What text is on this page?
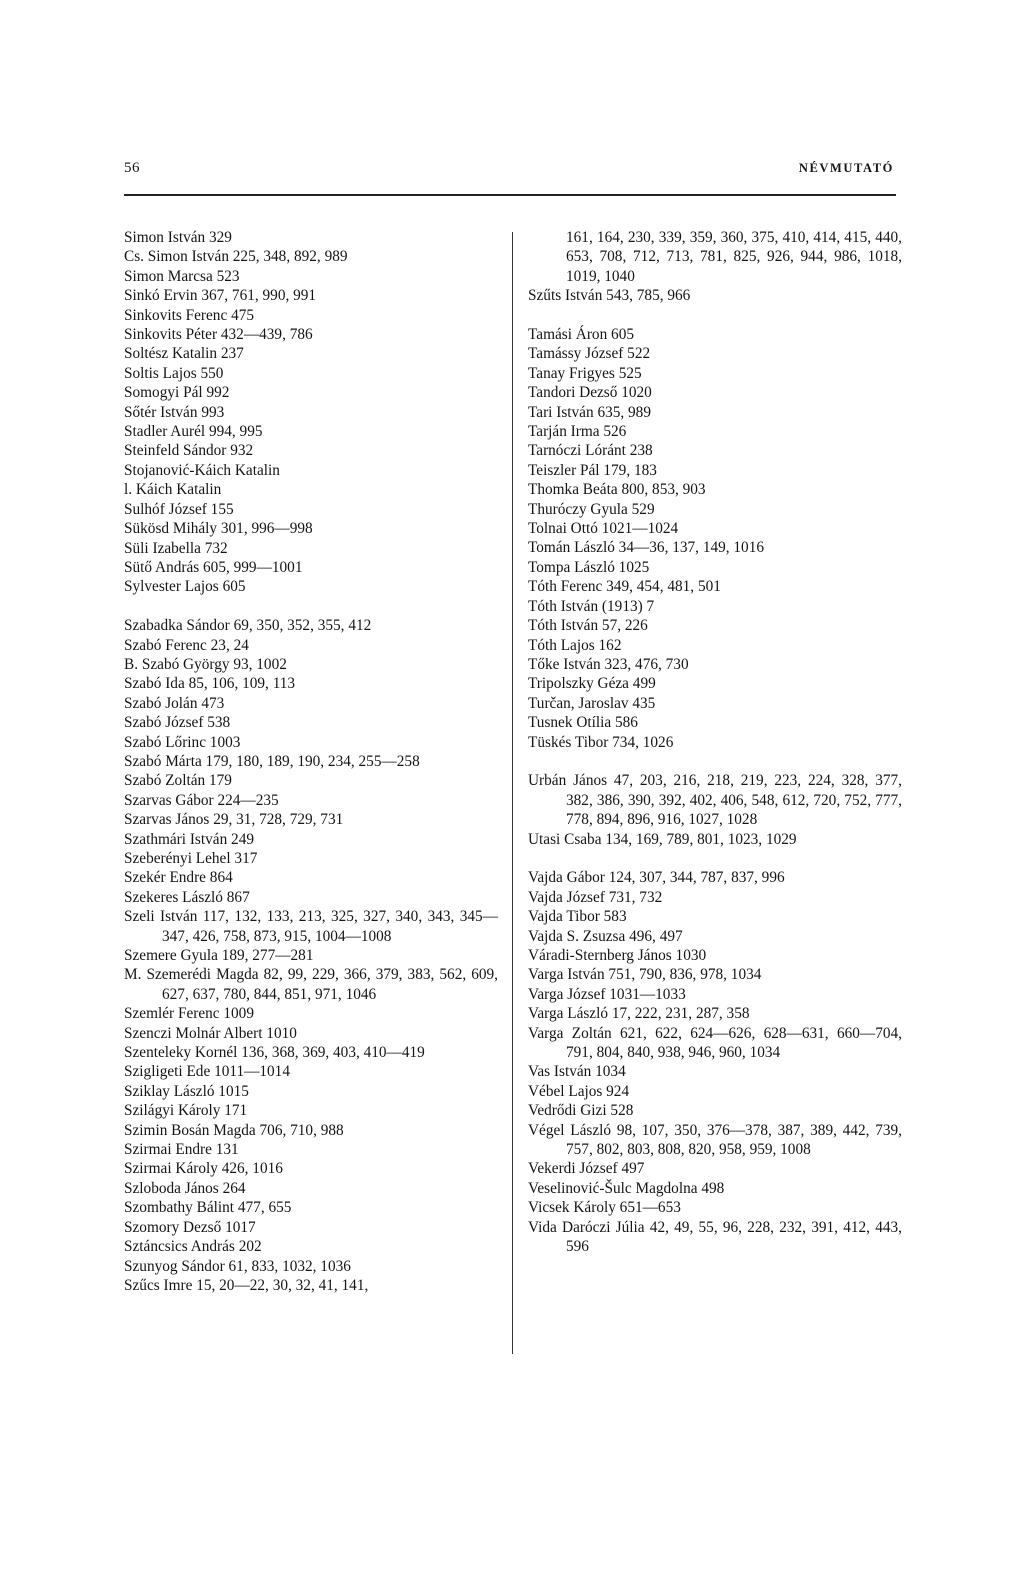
56	NÉVMUTATÓ
Simon István 329
Cs. Simon István 225, 348, 892, 989
Simon Marcsa 523
Sinkó Ervin 367, 761, 990, 991
Sinkovits Ferenc 475
Sinkovits Péter 432—439, 786
Soltész Katalin 237
Soltis Lajos 550
Somogyi Pál 992
Sőtér István 993
Stadler Aurél 994, 995
Steinfeld Sándor 932
Stojanović-Káich Katalin
l. Káich Katalin
Sulhóf József 155
Sükösd Mihály 301, 996—998
Süli Izabella 732
Sütő András 605, 999—1001
Sylvester Lajos 605
Szabadka Sándor 69, 350, 352, 355, 412
Szabó Ferenc 23, 24
B. Szabó György 93, 1002
Szabó Ida 85, 106, 109, 113
Szabó Jolán 473
Szabó József 538
Szabó Lőrinc 1003
Szabó Márta 179, 180, 189, 190, 234, 255—258
Szabó Zoltán 179
Szarvas Gábor 224—235
Szarvas János 29, 31, 728, 729, 731
Szathmári István 249
Szeberényi Lehel 317
Szekér Endre 864
Szekeres László 867
Szeli István 117, 132, 133, 213, 325, 327, 340, 343, 345—347, 426, 758, 873, 915, 1004—1008
Szemere Gyula 189, 277—281
M. Szemerédi Magda 82, 99, 229, 366, 379, 383, 562, 609, 627, 637, 780, 844, 851, 971, 1046
Szemlér Ferenc 1009
Szenczi Molnár Albert 1010
Szenteleky Kornél 136, 368, 369, 403, 410—419
Szigligeti Ede 1011—1014
Sziklay László 1015
Szilágyi Károly 171
Szimin Bosán Magda 706, 710, 988
Szirmai Endre 131
Szirmai Károly 426, 1016
Szloboda János 264
Szombathy Bálint 477, 655
Szomory Dezső 1017
Sztáncsics András 202
Szunyog Sándor 61, 833, 1032, 1036
Szűcs Imre 15, 20—22, 30, 32, 41, 141,
161, 164, 230, 339, 359, 360, 375, 410, 414, 415, 440, 653, 708, 712, 713, 781, 825, 926, 944, 986, 1018, 1019, 1040
Szűts István 543, 785, 966
Tamási Áron 605
Tamássy József 522
Tanay Frigyes 525
Tandori Dezső 1020
Tari István 635, 989
Tarján Irma 526
Tarnóczi Lóránt 238
Teiszler Pál 179, 183
Thomka Beáta 800, 853, 903
Thuróczy Gyula 529
Tolnai Ottó 1021—1024
Tomán László 34—36, 137, 149, 1016
Tompa László 1025
Tóth Ferenc 349, 454, 481, 501
Tóth István (1913) 7
Tóth István 57, 226
Tóth Lajos 162
Tőke István 323, 476, 730
Tripolszky Géza 499
Turčan, Jaroslav 435
Tusnek Otília 586
Tüskés Tibor 734, 1026
Urbán János 47, 203, 216, 218, 219, 223, 224, 328, 377, 382, 386, 390, 392, 402, 406, 548, 612, 720, 752, 777, 778, 894, 896, 916, 1027, 1028
Utasi Csaba 134, 169, 789, 801, 1023, 1029
Vajda Gábor 124, 307, 344, 787, 837, 996
Vajda József 731, 732
Vajda Tibor 583
Vajda S. Zsuzsa 496, 497
Váradi-Sternberg János 1030
Varga István 751, 790, 836, 978, 1034
Varga József 1031—1033
Varga László 17, 222, 231, 287, 358
Varga Zoltán 621, 622, 624—626, 628—631, 660—704, 791, 804, 840, 938, 946, 960, 1034
Vas István 1034
Vébel Lajos 924
Vedrődi Gizi 528
Végel László 98, 107, 350, 376—378, 387, 389, 442, 739, 757, 802, 803, 808, 820, 958, 959, 1008
Vekerdi József 497
Veselinović-Šulc Magdolna 498
Vicsek Károly 651—653
Vida Daróczi Júlia 42, 49, 55, 96, 228, 232, 391, 412, 443, 596
